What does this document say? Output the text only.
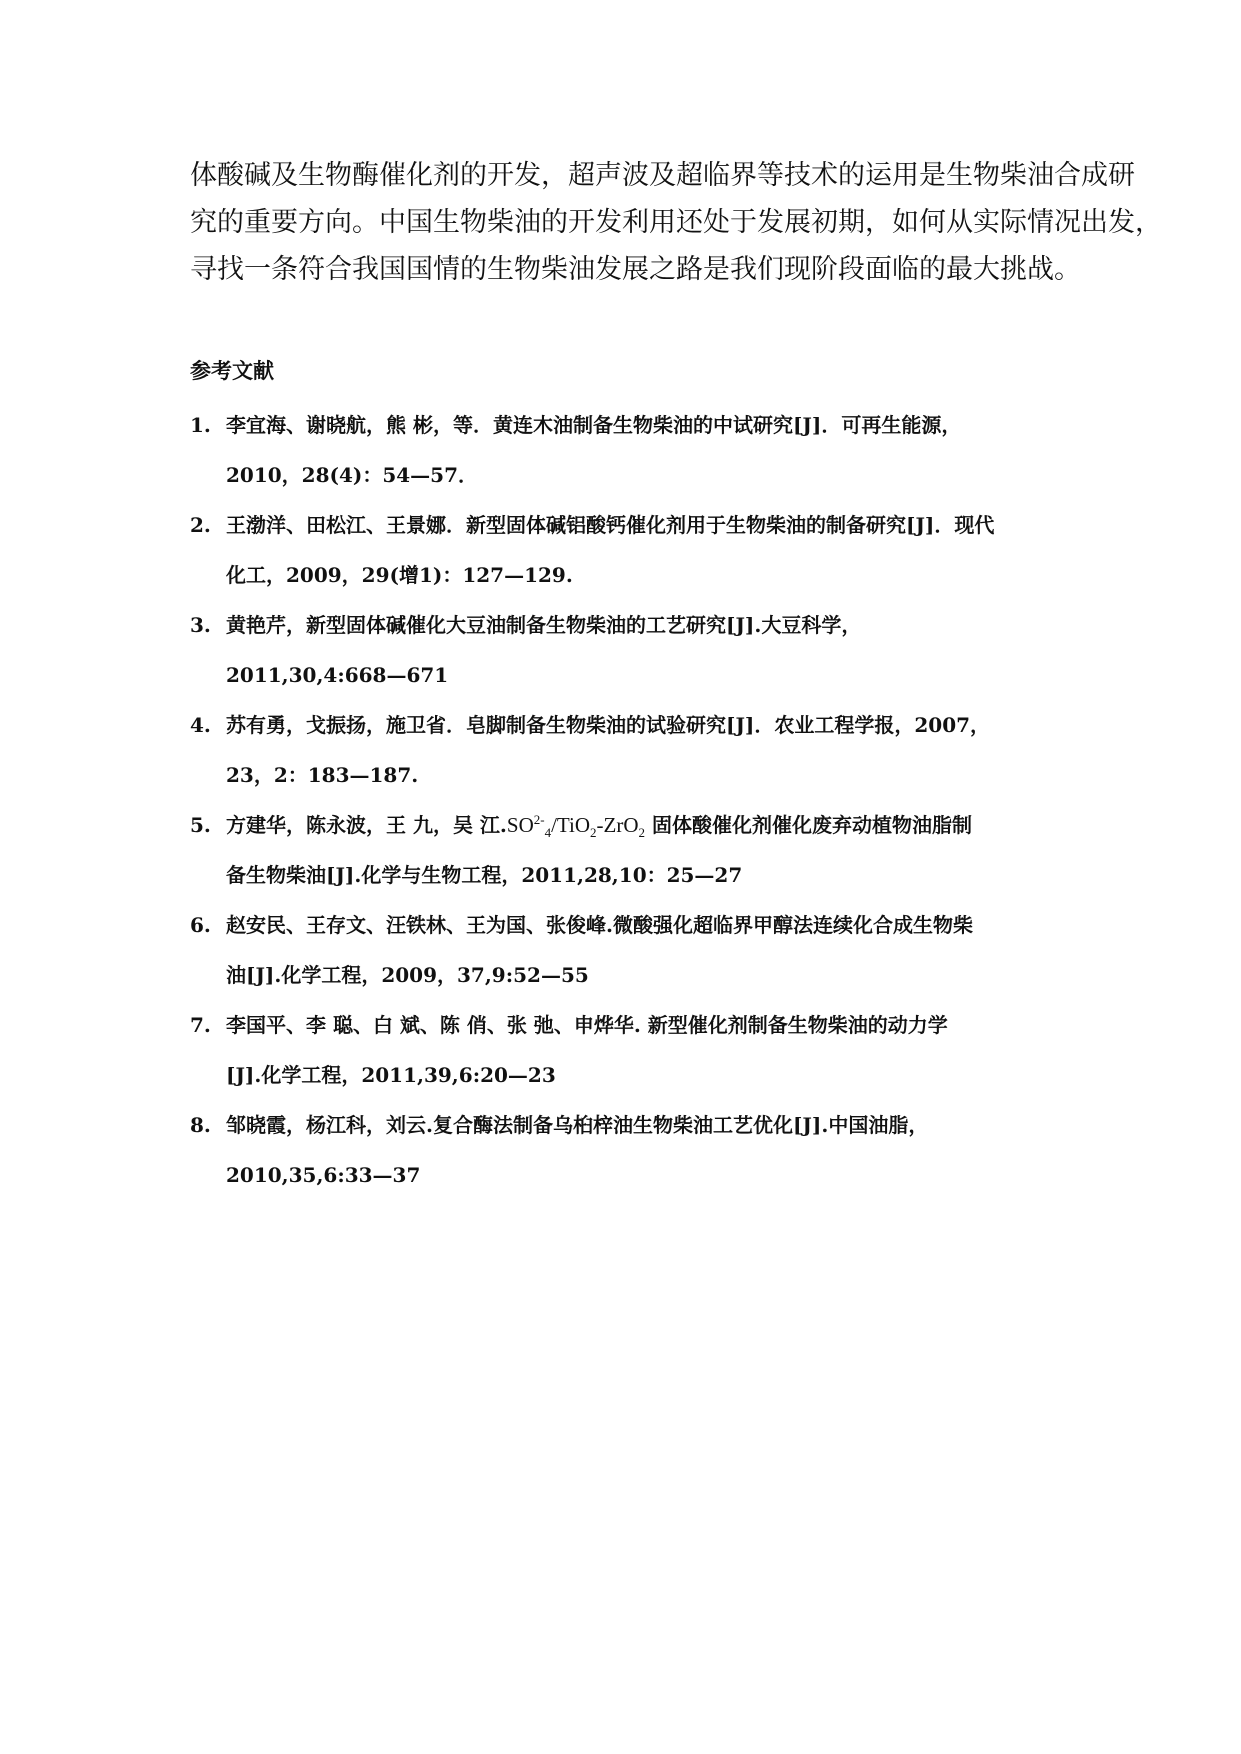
体酸碱及生物酶催化剂的开发，超声波及超临界等技术的运用是生物柴油合成研
究的重要方向。中国生物柴油的开发利用还处于发展初期，如何从实际情况出发，
寻找一条符合我国国情的生物柴油发展之路是我们现阶段面临的最大挑战。

参考文献
1. 李宜海、谢晓航，熊 彬，等．黄连木油制备生物柴油的中试研究[J]．可再生能源，
2010，28(4)：54—57．
2. 王渤洋、田松江、王景娜．新型固体碱铝酸钙催化剂用于生物柴油的制备研究[J]．现代
化工，2009，29(增1)：127—129.
3. 黄艳芹，新型固体碱催化大豆油制备生物柴油的工艺研究[J].大豆科学，
2011,30,4:668—671
4. 苏有勇，戈振扬，施卫省．皂脚制备生物柴油的试验研究[J]．农业工程学报，2007，
23，2：183—187.
5. 方建华，陈永波，王 九，吴 江$.SO^{2-}_4/TiO_2-ZrO_2$ 固体酸催化剂催化废弃动植物油脂制
备生物柴油[J].化学与生物工程，2011,28,10：25—27
6. 赵安民、王存文、汪铁林、王为国、张俊峰.微酸强化超临界甲醇法连续化合成生物柴
油[J].化学工程，2009，37,9:52—55
7. 李国平、李 聪、白 斌、陈 俏、张 弛、申烨华. 新型催化剂制备生物柴油的动力学
[J].化学工程，2011,39,6:20—23
8. 邹晓霞，杨江科，刘云.复合酶法制备乌桕梓油生物柴油工艺优化[J].中国油脂，
2010,35,6:33—37
